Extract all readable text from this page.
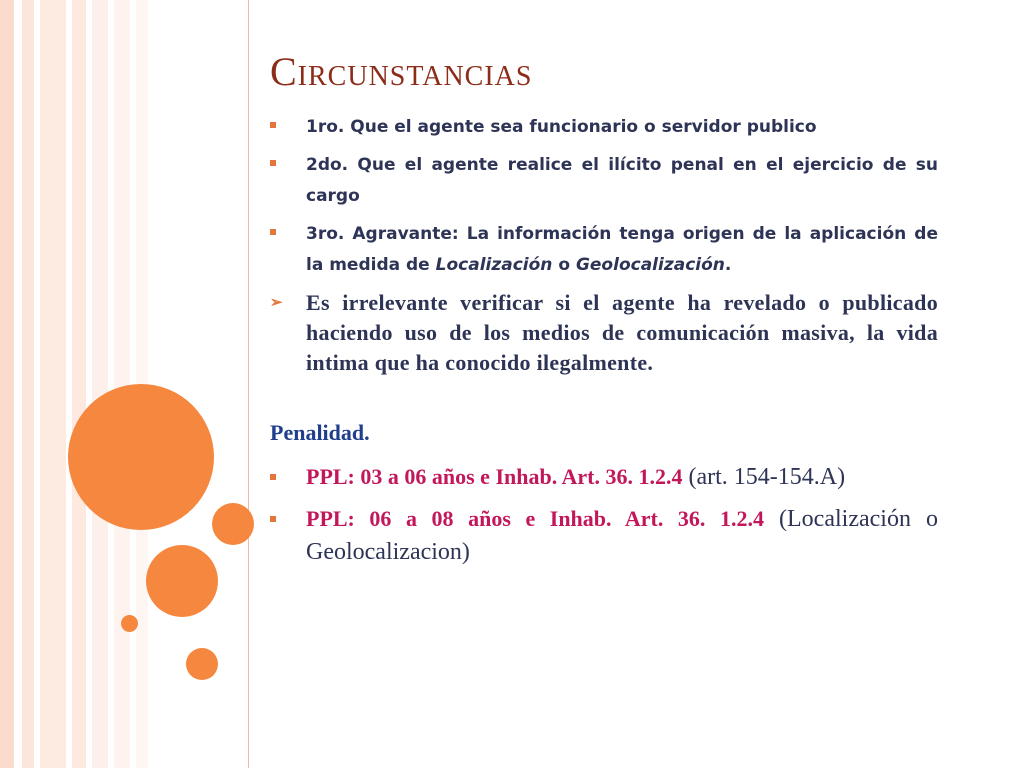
Circunstancias
1ro. Que el agente sea funcionario o servidor publico
2do. Que el agente realice el ilícito penal en el ejercicio de su cargo
3ro. Agravante: La información tenga origen de la aplicación de la medida de Localización o Geolocalización.
➢ Es irrelevante verificar si el agente ha revelado o publicado haciendo uso de los medios de comunicación masiva, la vida intima que ha conocido ilegalmente.

Penalidad.

PPL: 03 a 06 años e Inhab. Art. 36. 1.2.4 (art. 154-154.A)
PPL: 06 a 08 años e Inhab. Art. 36. 1.2.4 (Localización o Geolocalizacion)
